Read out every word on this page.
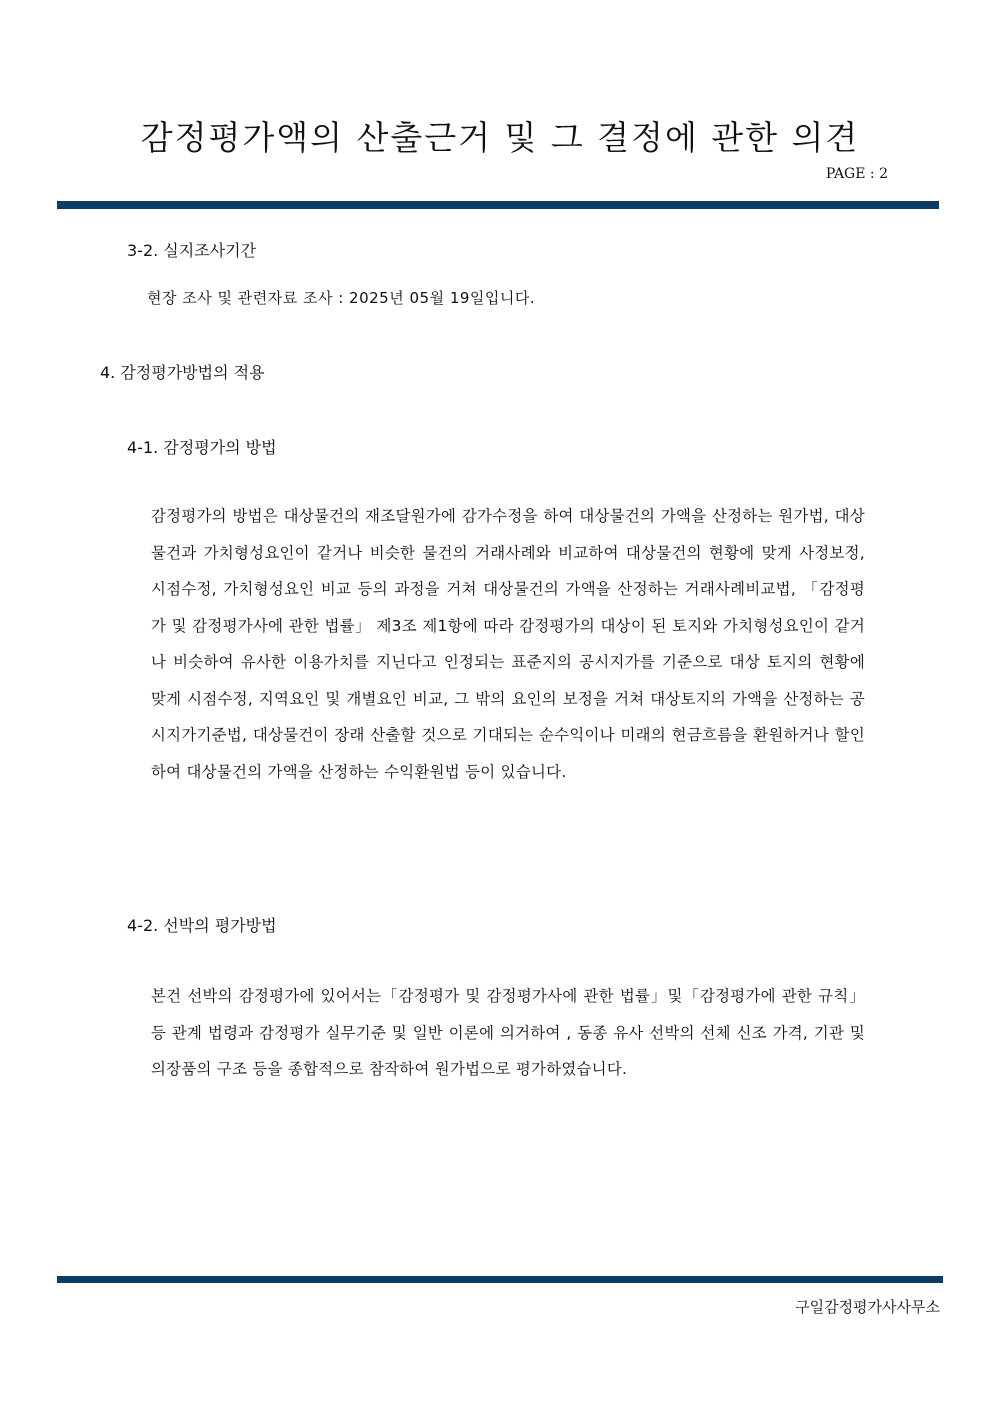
감정평가액의 산출근거 및 그 결정에 관한 의견
PAGE : 2
3-2. 실지조사기간

현장 조사 및 관련자료 조사 : 2025년 05월 19일입니다.

4. 감정평가방법의 적용
4-1. 감정평가의 방법

감정평가의 방법은 대상물건의 재조달원가에 감가수정을 하여 대상물건의 가액을 산정하는 원가법, 대상물건과 가치형성요인이 같거나 비슷한 물건의 거래사례와 비교하여 대상물건의 현황에 맞게 사정보정, 시점수정, 가치형성요인 비교 등의 과정을 거쳐 대상물건의 가액을 산정하는 거래사례비교법, 「감정평가 및 감정평가사에 관한 법률」 제3조 제1항에 따라 감정평가의 대상이 된 토지와 가치형성요인이 같거나 비슷하여 유사한 이용가치를 지닌다고 인정되는 표준지의 공시지가를 기준으로 대상 토지의 현황에 맞게 시점수정, 지역요인 및 개별요인 비교, 그 밖의 요인의 보정을 거쳐 대상토지의 가액을 산정하는 공시지가기준법, 대상물건이 장래 산출할 것으로 기대되는 순수익이나 미래의 현금흐름을 환원하거나 할인하여 대상물건의 가액을 산정하는 수익환원법 등이 있습니다.

4-2. 선박의 평가방법

본건 선박의 감정평가에 있어서는「감정평가 및 감정평가사에 관한 법률」및「감정평가에 관한 규칙」등 관계 법령과 감정평가 실무기준 및 일반 이론에 의거하여 , 동종 유사 선박의 선체 신조 가격, 기관 및 의장품의 구조 등을 종합적으로 참작하여 원가법으로 평가하였습니다.

구일감정평가사사무소
